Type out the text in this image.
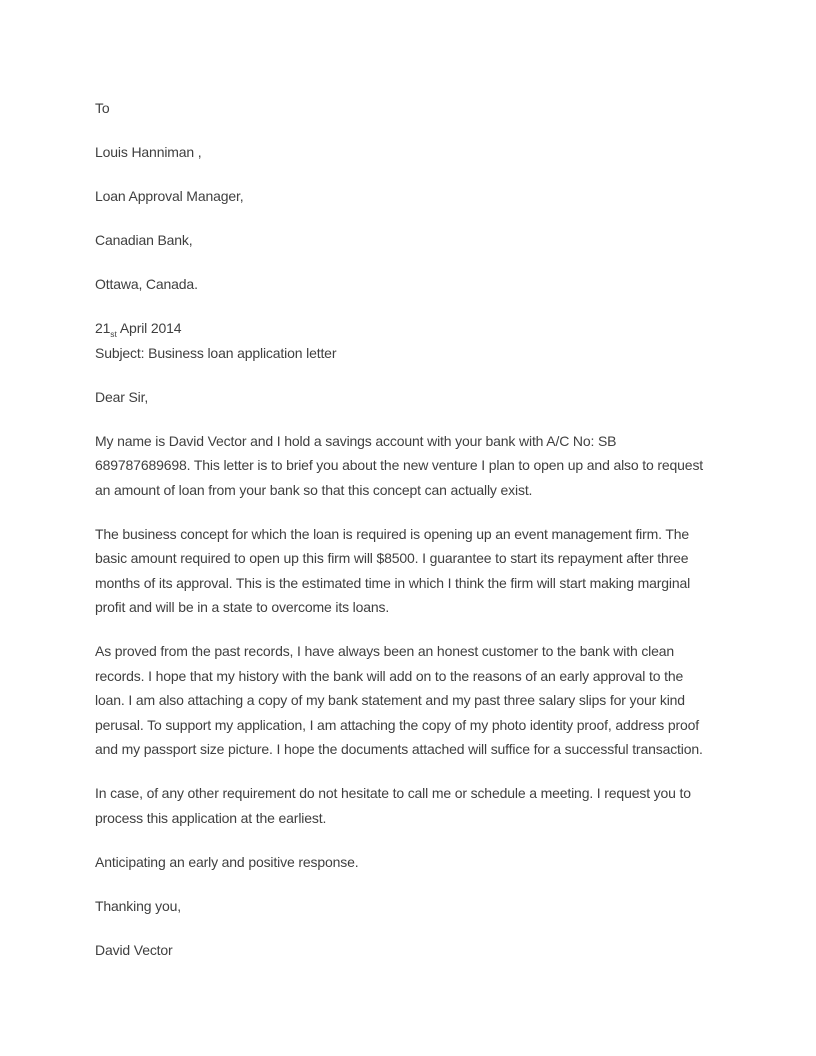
To

Louis Hanniman ,

Loan Approval Manager,

Canadian Bank,

Ottawa, Canada.

$21_{st}$ April 2014
Subject: Business loan application letter

Dear Sir,

My name is David Vector and I hold a savings account with your bank with A/C No: SB
689787689698. This letter is to brief you about the new venture I plan to open up and also to request
an amount of loan from your bank so that this concept can actually exist.

The business concept for which the loan is required is opening up an event management firm. The
basic amount required to open up this firm will $8500. I guarantee to start its repayment after three
months of its approval. This is the estimated time in which I think the firm will start making marginal
profit and will be in a state to overcome its loans.

As proved from the past records, I have always been an honest customer to the bank with clean
records. I hope that my history with the bank will add on to the reasons of an early approval to the
loan. I am also attaching a copy of my bank statement and my past three salary slips for your kind
perusal. To support my application, I am attaching the copy of my photo identity proof, address proof
and my passport size picture. I hope the documents attached will suffice for a successful transaction.

In case, of any other requirement do not hesitate to call me or schedule a meeting. I request you to
process this application at the earliest.

Anticipating an early and positive response.

Thanking you,

David Vector
